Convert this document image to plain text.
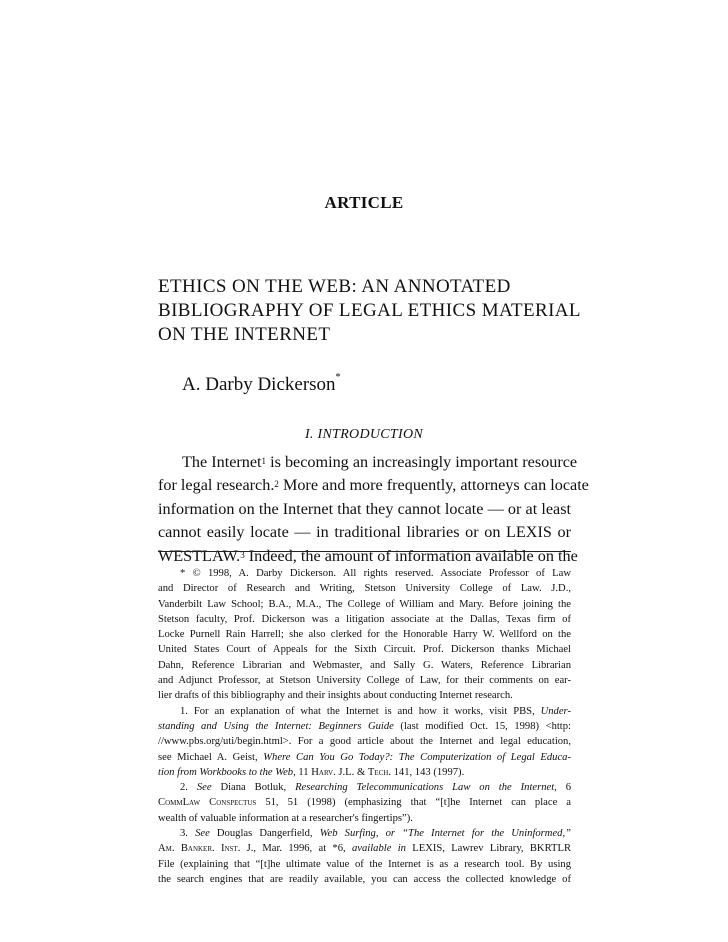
ARTICLE
ETHICS ON THE WEB: AN ANNOTATED
BIBLIOGRAPHY OF LEGAL ETHICS MATERIAL
ON THE INTERNET
A. Darby Dickerson*
I. INTRODUCTION
The Internet$^1$ is becoming an increasingly important resource
for legal research.$^2$ More and more frequently, attorneys can locate
information on the Internet that they cannot locate — or at least
cannot easily locate — in traditional libraries or on LEXIS or
WESTLAW.$^3$ Indeed, the amount of information available on the
* © 1998, A. Darby Dickerson. All rights reserved. Associate Professor of Law
and Director of Research and Writing, Stetson University College of Law. J.D.,
Vanderbilt Law School; B.A., M.A., The College of William and Mary. Before joining the
Stetson faculty, Prof. Dickerson was a litigation associate at the Dallas, Texas firm of
Locke Purnell Rain Harrell; she also clerked for the Honorable Harry W. Wellford on the
United States Court of Appeals for the Sixth Circuit. Prof. Dickerson thanks Michael
Dahn, Reference Librarian and Webmaster, and Sally G. Waters, Reference Librarian
and Adjunct Professor, at Stetson University College of Law, for their comments on ear-
lier drafts of this bibliography and their insights about conducting Internet research.
1. For an explanation of what the Internet is and how it works, visit PBS, Under-
standing and Using the Internet: Beginners Guide (last modified Oct. 15, 1998) <http:
//www.pbs.org/uti/begin.html>. For a good article about the Internet and legal education,
see Michael A. Geist, Where Can You Go Today?: The Computerization of Legal Educa-
tion from Workbooks to the Web, 11 Harv. J.L. & Tech. 141, 143 (1997).
2. See Diana Botluk, Researching Telecommunications Law on the Internet, 6
CommLaw Conspectus 51, 51 (1998) (emphasizing that “[t]he Internet can place a
wealth of valuable information at a researcher's fingertips”).
3. See Douglas Dangerfield, Web Surfing, or “The Internet for the Uninformed,”
Am. Banker. Inst. J., Mar. 1996, at *6, available in LEXIS, Lawrev Library, BKRTLR
File (explaining that “[t]he ultimate value of the Internet is as a research tool. By using
the search engines that are readily available, you can access the collected knowledge of
